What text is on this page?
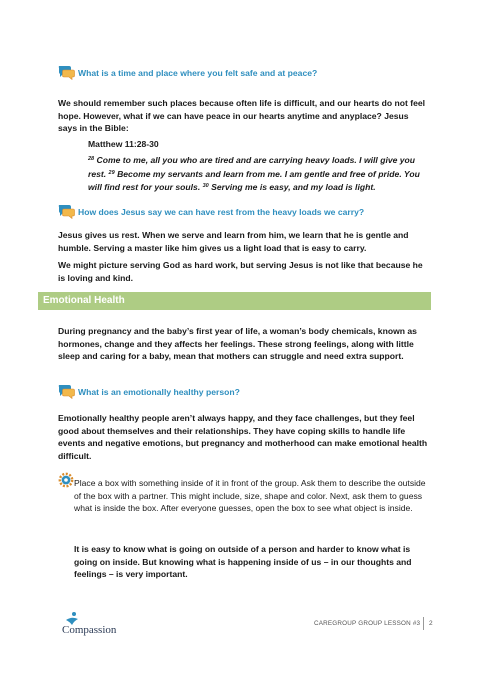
What is a time and place where you felt safe and at peace?
We should remember such places because often life is difficult, and our hearts do not feel hope. However, what if we can have peace in our hearts anytime and anyplace? Jesus says in the Bible:
Matthew 11:28-30
$^{28}$ Come to me, all you who are tired and are carrying heavy loads. I will give you rest. $^{29}$ Become my servants and learn from me. I am gentle and free of pride. You will find rest for your souls. $^{30}$ Serving me is easy, and my load is light.
How does Jesus say we can have rest from the heavy loads we carry?
Jesus gives us rest. When we serve and learn from him, we learn that he is gentle and humble. Serving a master like him gives us a light load that is easy to carry.
We might picture serving God as hard work, but serving Jesus is not like that because he is loving and kind.
Emotional Health
During pregnancy and the baby’s first year of life, a woman’s body chemicals, known as hormones, change and they affects her feelings. These strong feelings, along with little sleep and caring for a baby, mean that mothers can struggle and need extra support.
What is an emotionally healthy person?
Emotionally healthy people aren’t always happy, and they face challenges, but they feel good about themselves and their relationships. They have coping skills to handle life events and negative emotions, but pregnancy and motherhood can make emotional health difficult.
Place a box with something inside of it in front of the group. Ask them to describe the outside of the box with a partner. This might include, size, shape and color. Next, ask them to guess what is inside the box. After everyone guesses, open the box to see what object is inside.
It is easy to know what is going on outside of a person and harder to know what is going on inside. But knowing what is happening inside of us – in our thoughts and feelings – is very important.
Compassion
CAREGROUP GROUP LESSON #3 2
